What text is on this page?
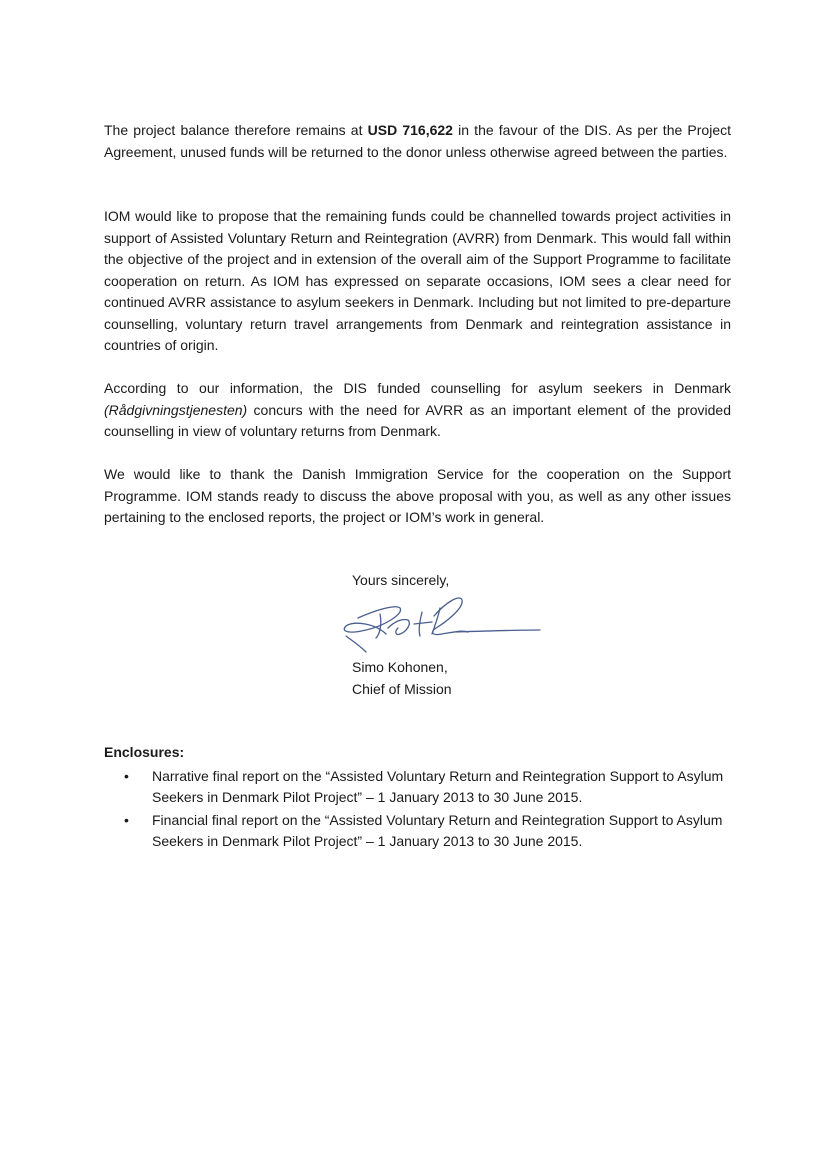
The project balance therefore remains at USD 716,622 in the favour of the DIS. As per the Project Agreement, unused funds will be returned to the donor unless otherwise agreed between the parties.

IOM would like to propose that the remaining funds could be channelled towards project activities in support of Assisted Voluntary Return and Reintegration (AVRR) from Denmark. This would fall within the objective of the project and in extension of the overall aim of the Support Programme to facilitate cooperation on return. As IOM has expressed on separate occasions, IOM sees a clear need for continued AVRR assistance to asylum seekers in Denmark. Including but not limited to pre-departure counselling, voluntary return travel arrangements from Denmark and reintegration assistance in countries of origin.

According to our information, the DIS funded counselling for asylum seekers in Denmark (Rådgivningstjenesten) concurs with the need for AVRR as an important element of the provided counselling in view of voluntary returns from Denmark.

We would like to thank the Danish Immigration Service for the cooperation on the Support Programme. IOM stands ready to discuss the above proposal with you, as well as any other issues pertaining to the enclosed reports, the project or IOM’s work in general.

Yours sincerely,

Simo Kohonen,

Chief of Mission

Enclosures:

• Narrative final report on the “Assisted Voluntary Return and Reintegration Support to Asylum Seekers in Denmark Pilot Project” – 1 January 2013 to 30 June 2015.
• Financial final report on the “Assisted Voluntary Return and Reintegration Support to Asylum Seekers in Denmark Pilot Project” – 1 January 2013 to 30 June 2015.
